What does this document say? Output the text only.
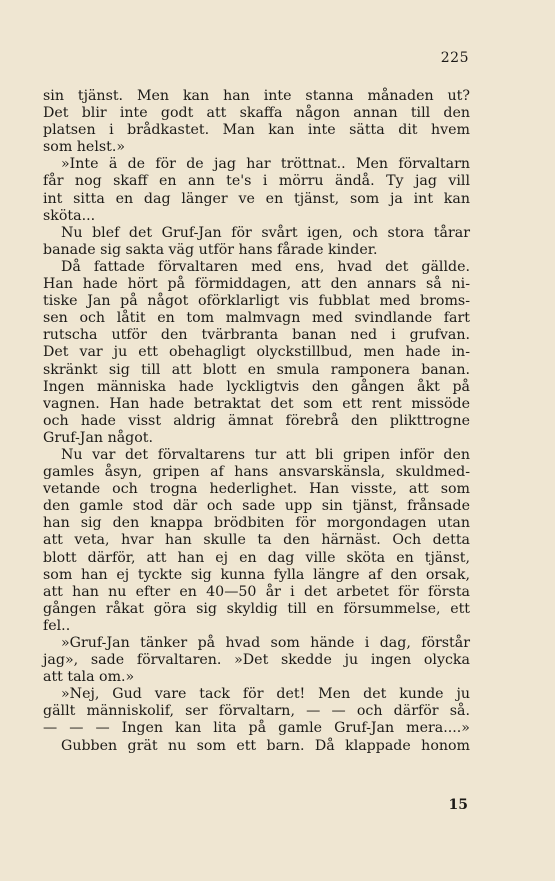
225
sin tjänst. Men kan han inte stanna månaden ut?
Det blir inte godt att skaffa någon annan till den
platsen i brådkastet. Man kan inte sätta dit hvem
som helst.»
»Inte ä de för de jag har tröttnat.. Men förvaltarn
får nog skaff en ann te's i mörru ändå. Ty jag vill
int sitta en dag länger ve en tjänst, som ja int kan
sköta...
Nu blef det Gruf-Jan för svårt igen, och stora tårar
banade sig sakta väg utför hans fårade kinder.
Då fattade förvaltaren med ens, hvad det gällde.
Han hade hört på förmiddagen, att den annars så ni-
tiske Jan på något oförklarligt vis fubblat med broms-
sen och låtit en tom malmvagn med svindlande fart
rutscha utför den tvärbranta banan ned i grufvan.
Det var ju ett obehagligt olyckstillbud, men hade in-
skränkt sig till att blott en smula ramponera banan.
Ingen människa hade lyckligtvis den gången åkt på
vagnen. Han hade betraktat det som ett rent missöde
och hade visst aldrig ämnat förebrå den plikttrogne
Gruf-Jan något.
Nu var det förvaltarens tur att bli gripen inför den
gamles åsyn, gripen af hans ansvarskänsla, skuldmed-
vetande och trogna hederlighet. Han visste, att som
den gamle stod där och sade upp sin tjänst, frånsade
han sig den knappa brödbiten för morgondagen utan
att veta, hvar han skulle ta den härnäst. Och detta
blott därför, att han ej en dag ville sköta en tjänst,
som han ej tyckte sig kunna fylla längre af den orsak,
att han nu efter en 40—50 år i det arbetet för första
gången råkat göra sig skyldig till en försummelse, ett
fel..
»Gruf-Jan tänker på hvad som hände i dag, förstår
jag», sade förvaltaren. »Det skedde ju ingen olycka
att tala om.»
»Nej, Gud vare tack för det! Men det kunde ju
gällt människolif, ser förvaltarn, — — och därför så.
— — — Ingen kan lita på gamle Gruf-Jan mera....»
Gubben grät nu som ett barn. Då klappade honom
15
